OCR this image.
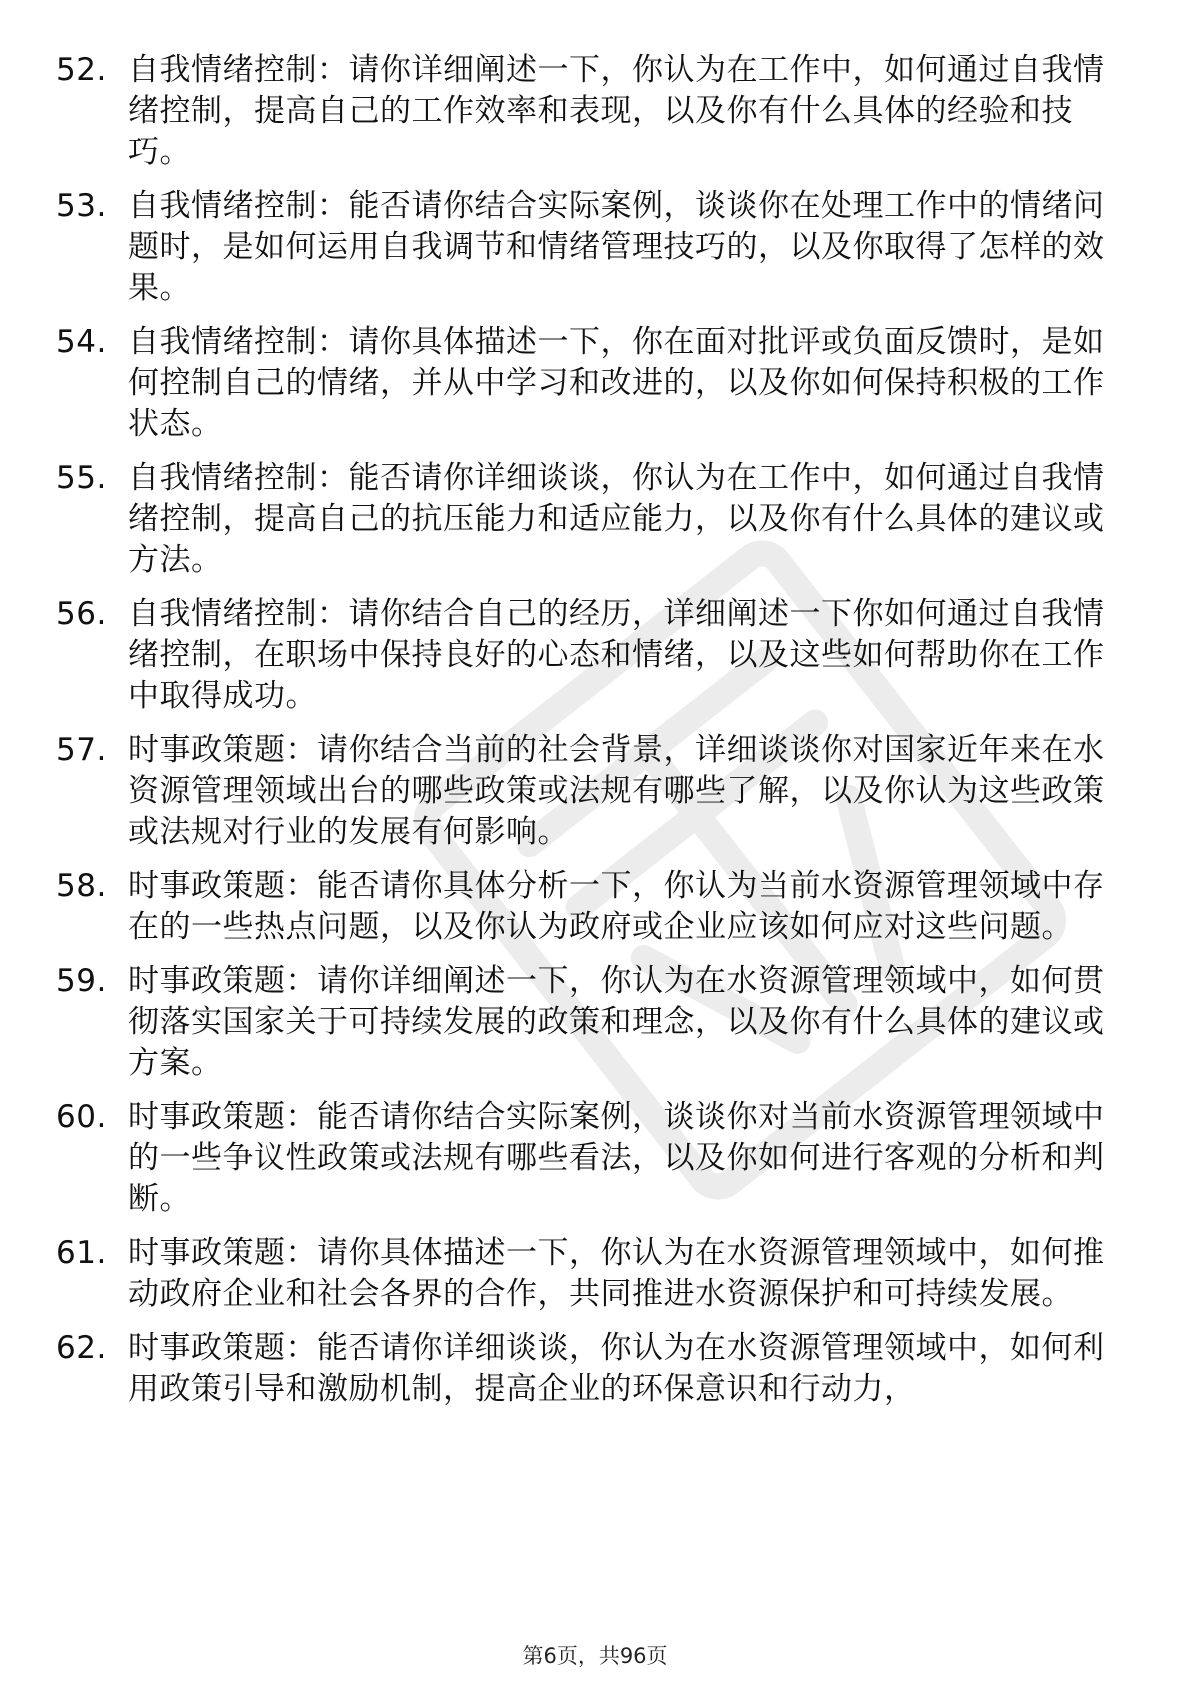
52. 自我情绪控制：请你详细阐述一下，你认为在工作中，如何通过自我情绪控制，提高自己的工作效率和表现，以及你有什么具体的经验和技巧。
53. 自我情绪控制：能否请你结合实际案例，谈谈你在处理工作中的情绪问题时，是如何运用自我调节和情绪管理技巧的，以及你取得了怎样的效果。
54. 自我情绪控制：请你具体描述一下，你在面对批评或负面反馈时，是如何控制自己的情绪，并从中学习和改进的，以及你如何保持积极的工作状态。
55. 自我情绪控制：能否请你详细谈谈，你认为在工作中，如何通过自我情绪控制，提高自己的抗压能力和适应能力，以及你有什么具体的建议或方法。
56. 自我情绪控制：请你结合自己的经历，详细阐述一下你如何通过自我情绪控制，在职场中保持良好的心态和情绪，以及这些如何帮助你在工作中取得成功。
57. 时事政策题：请你结合当前的社会背景，详细谈谈你对国家近年来在水资源管理领域出台的哪些政策或法规有哪些了解，以及你认为这些政策或法规对行业的发展有何影响。
58. 时事政策题：能否请你具体分析一下，你认为当前水资源管理领域中存在的一些热点问题，以及你认为政府或企业应该如何应对这些问题。
59. 时事政策题：请你详细阐述一下，你认为在水资源管理领域中，如何贯彻落实国家关于可持续发展的政策和理念，以及你有什么具体的建议或方案。
60. 时事政策题：能否请你结合实际案例，谈谈你对当前水资源管理领域中的一些争议性政策或法规有哪些看法，以及你如何进行客观的分析和判断。
61. 时事政策题：请你具体描述一下，你认为在水资源管理领域中，如何推动政府企业和社会各界的合作，共同推进水资源保护和可持续发展。
62. 时事政策题：能否请你详细谈谈，你认为在水资源管理领域中，如何利用政策引导和激励机制，提高企业的环保意识和行动力，
第6页，共96页
